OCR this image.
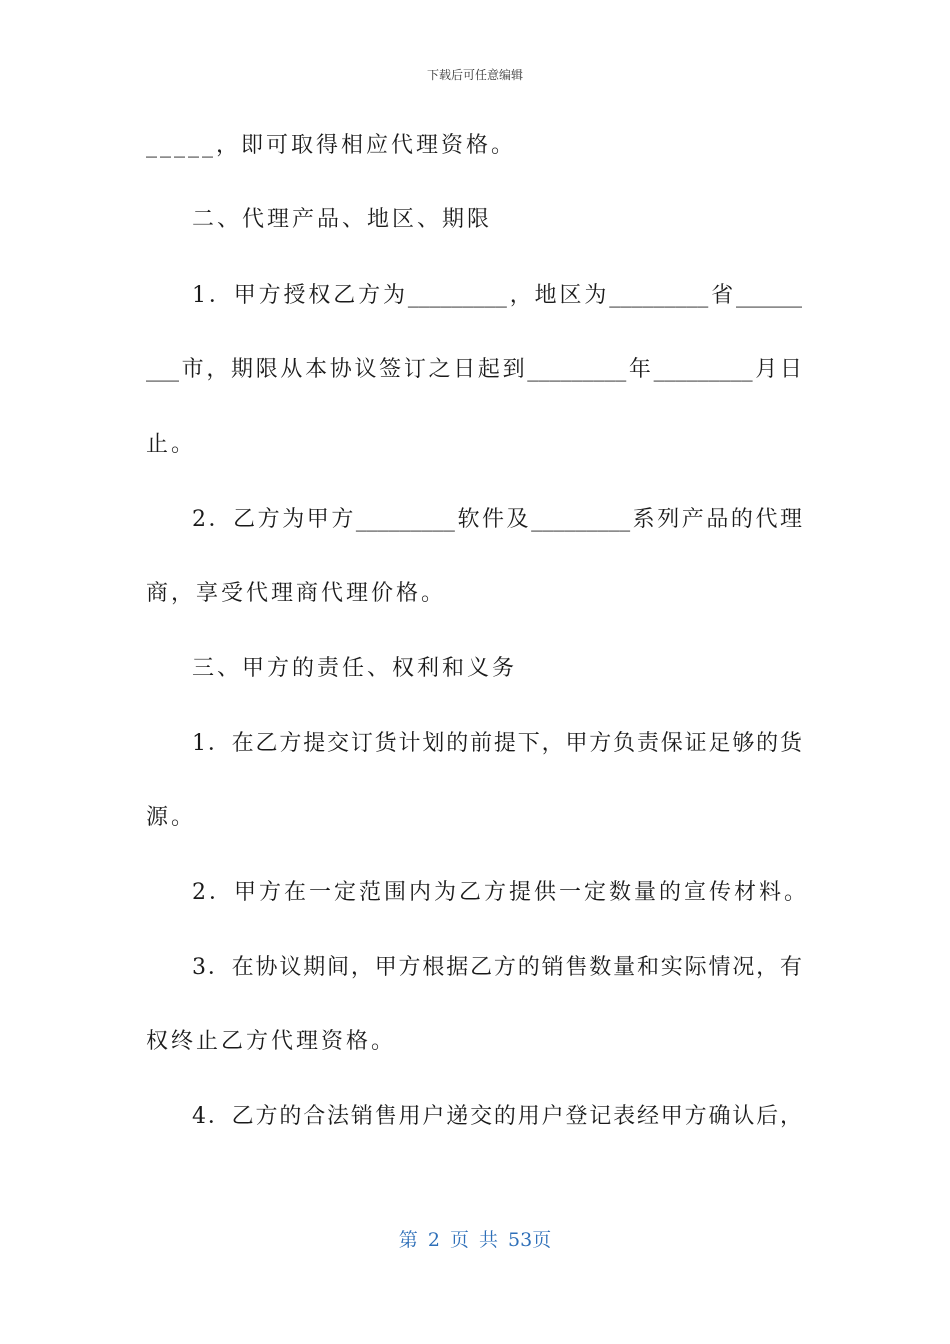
下载后可任意编辑
_____，即可取得相应代理资格。
二、代理产品、地区、期限
1．甲方授权乙方为_________，地区为_________省______
___市，期限从本协议签订之日起到_________年_________月日
止。
2．乙方为甲方_________软件及_________系列产品的代理
商，享受代理商代理价格。
三、甲方的责任、权利和义务
1．在乙方提交订货计划的前提下，甲方负责保证足够的货
源。
2．甲方在一定范围内为乙方提供一定数量的宣传材料。
3．在协议期间，甲方根据乙方的销售数量和实际情况，有
权终止乙方代理资格。
4．乙方的合法销售用户递交的用户登记表经甲方确认后，
第 2 页 共 53页
